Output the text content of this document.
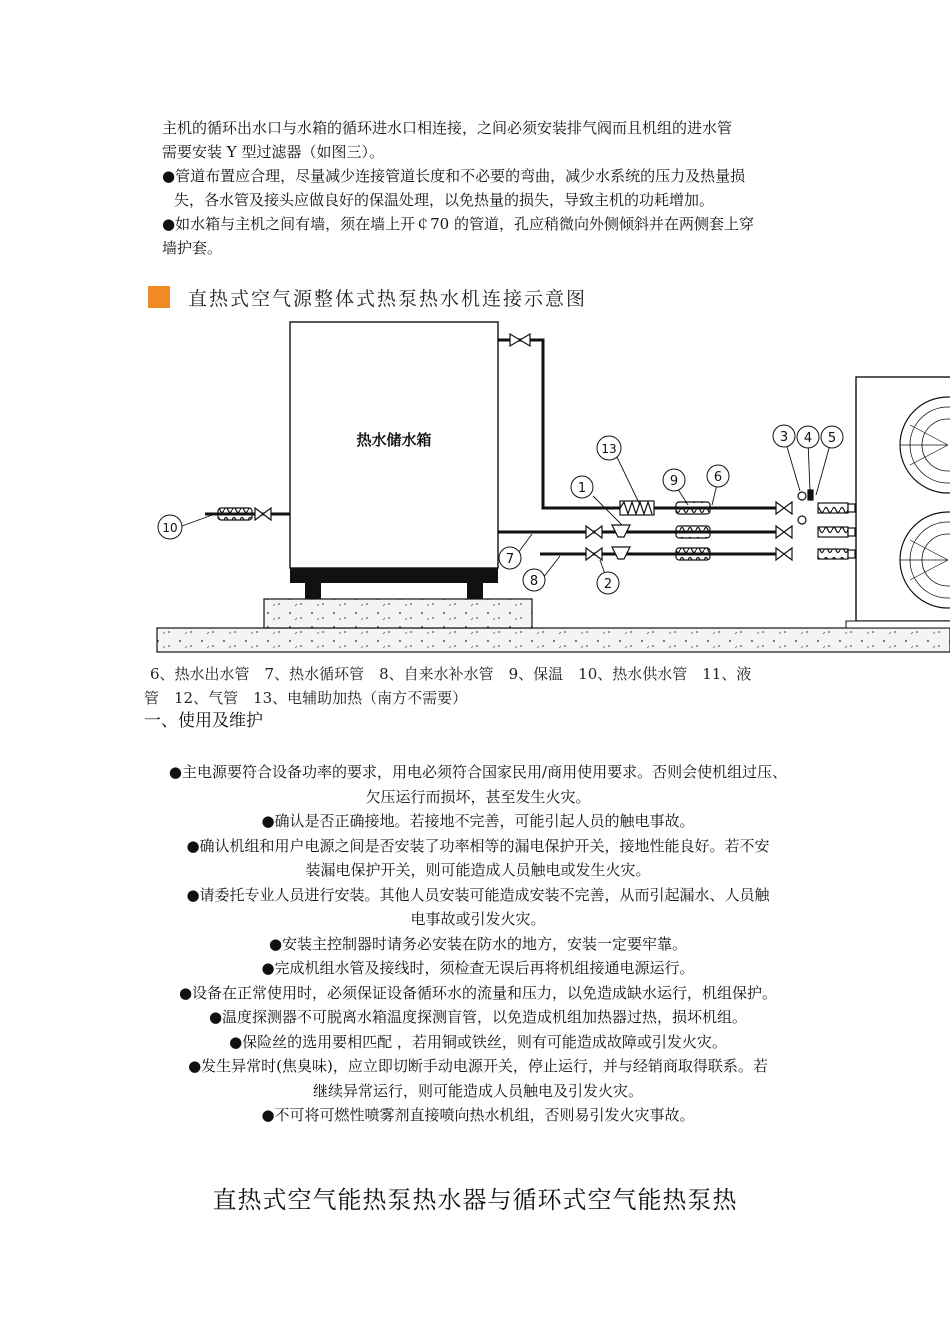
主机的循环出水口与水箱的循环进水口相连接，之间必须安装排气阀而且机组的进水管

需要安装 Y 型过滤器（如图三）。

●管道布置应合理，尽量减少连接管道长度和不必要的弯曲，减少水系统的压力及热量损

失，各水管及接头应做良好的保温处理，以免热量的损失，导致主机的功耗增加。

●如水箱与主机之间有墙，须在墙上开￠70 的管道，孔应稍微向外侧倾斜并在两侧套上穿

墙护套。

直热式空气源整体式热泵热水机连接示意图
热水储水箱
1
2
3 4 5
6
7
8
9
10
13

6、热水出水管　7、热水循环管　8、自来水补水管　9、保温　10、热水供水管　11、液

管　12、气管　13、电辅助加热（南方不需要）

一、使用及维护

●主电源要符合设备功率的要求，用电必须符合国家民用/商用使用要求。否则会使机组过压、

欠压运行而损坏，甚至发生火灾。

●确认是否正确接地。若接地不完善，可能引起人员的触电事故。

●确认机组和用户电源之间是否安装了功率相等的漏电保护开关，接地性能良好。若不安

装漏电保护开关，则可能造成人员触电或发生火灾。

●请委托专业人员进行安装。其他人员安装可能造成安装不完善，从而引起漏水、人员触

电事故或引发火灾。

●安装主控制器时请务必安装在防水的地方，安装一定要牢靠。

●完成机组水管及接线时，须检查无误后再将机组接通电源运行。

●设备在正常使用时，必须保证设备循环水的流量和压力，以免造成缺水运行，机组保护。

●温度探测器不可脱离水箱温度探测盲管，以免造成机组加热器过热，损坏机组。

●保险丝的选用要相匹配 ，若用铜或铁丝，则有可能造成故障或引发火灾。

●发生异常时(焦臭味)，应立即切断手动电源开关，停止运行，并与经销商取得联系。若

继续异常运行，则可能造成人员触电及引发火灾。

●不可将可燃性喷雾剂直接喷向热水机组，否则易引发火灾事故。

直热式空气能热泵热水器与循环式空气能热泵热
